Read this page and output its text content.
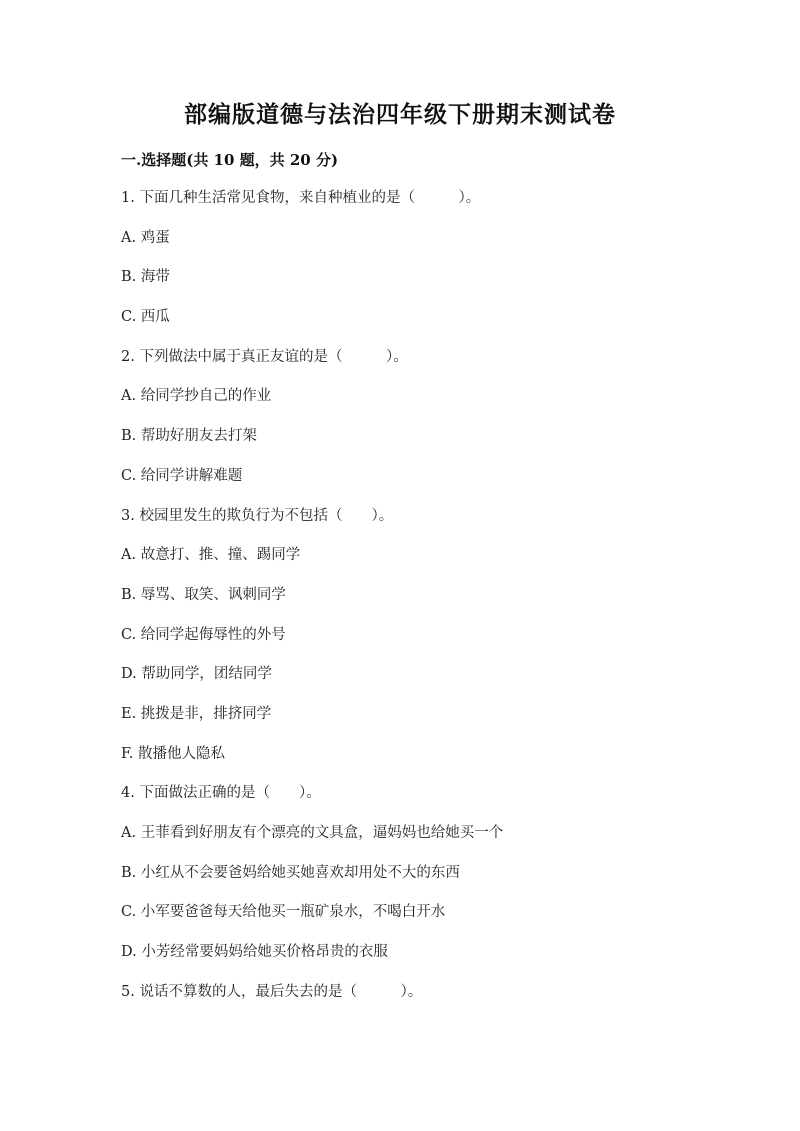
部编版道德与法治四年级下册期末测试卷
一.选择题(共 10 题，共 20 分)
1. 下面几种生活常见食物，来自种植业的是（　　　）。
A. 鸡蛋
B. 海带
C. 西瓜
2. 下列做法中属于真正友谊的是（　　　）。
A. 给同学抄自己的作业
B. 帮助好朋友去打架
C. 给同学讲解难题
3. 校园里发生的欺负行为不包括（　　）。
A. 故意打、推、撞、踢同学
B. 辱骂、取笑、讽刺同学
C. 给同学起侮辱性的外号
D. 帮助同学，团结同学
E. 挑拨是非，排挤同学
F. 散播他人隐私
4. 下面做法正确的是（　　）。
A. 王菲看到好朋友有个漂亮的文具盒，逼妈妈也给她买一个
B. 小红从不会要爸妈给她买她喜欢却用处不大的东西
C. 小军要爸爸每天给他买一瓶矿泉水，不喝白开水
D. 小芳经常要妈妈给她买价格昂贵的衣服
5. 说话不算数的人，最后失去的是（　　　）。
